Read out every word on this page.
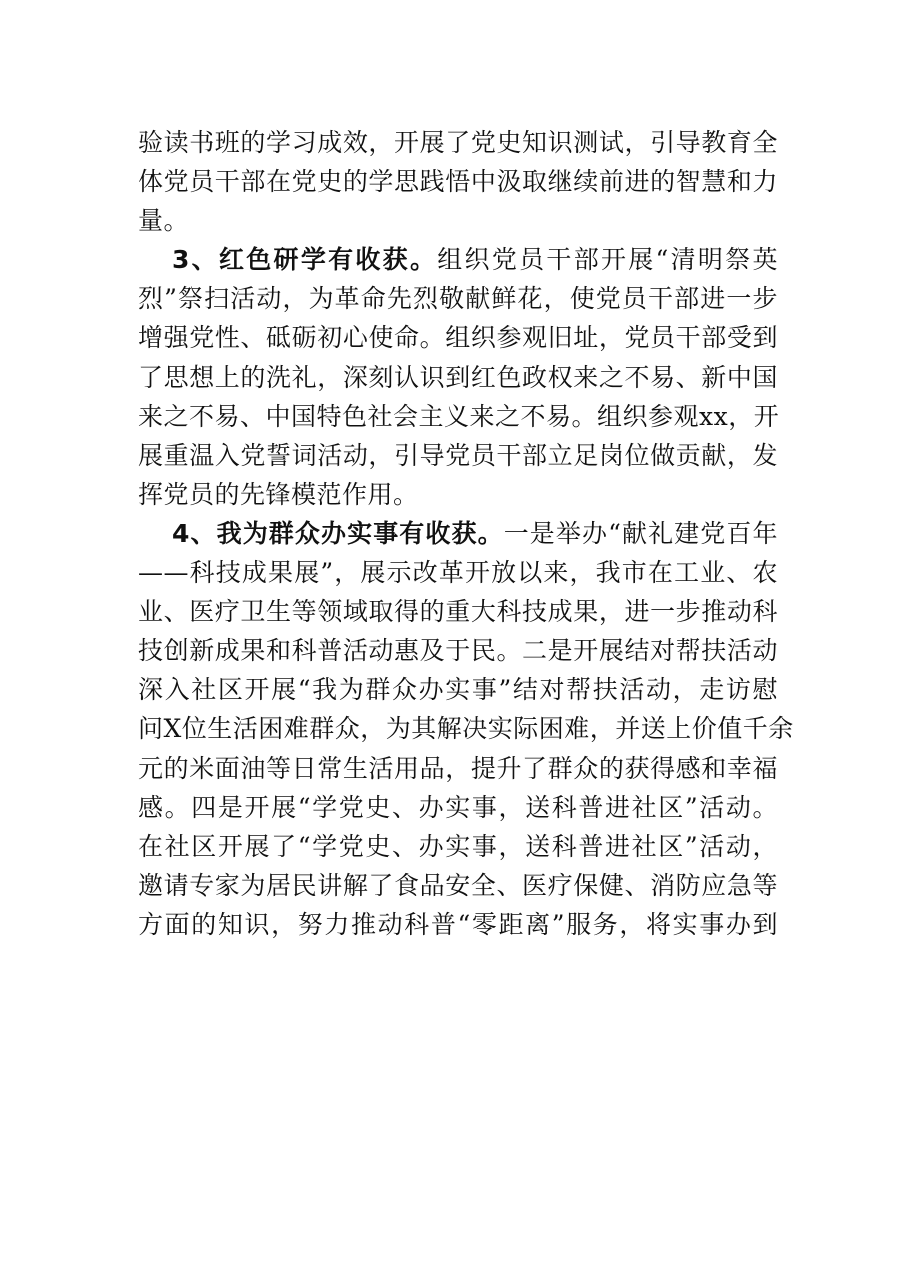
验读书班的学习成效，开展了党史知识测试，引导教育全
体党员干部在党史的学思践悟中汲取继续前进的智慧和力
量。
3、红色研学有收获。组织党员干部开展“清明祭英
烈”祭扫活动，为革命先烈敬献鲜花，使党员干部进一步
增强党性、砥砺初心使命。组织参观旧址，党员干部受到
了思想上的洗礼，深刻认识到红色政权来之不易、新中国
来之不易、中国特色社会主义来之不易。组织参观xx，开
展重温入党誓词活动，引导党员干部立足岗位做贡献，发
挥党员的先锋模范作用。
4、我为群众办实事有收获。一是举办“献礼建党百年
——科技成果展”，展示改革开放以来，我市在工业、农
业、医疗卫生等领域取得的重大科技成果，进一步推动科
技创新成果和科普活动惠及于民。二是开展结对帮扶活动
深入社区开展“我为群众办实事”结对帮扶活动，走访慰
问X位生活困难群众，为其解决实际困难，并送上价值千余
元的米面油等日常生活用品，提升了群众的获得感和幸福
感。四是开展“学党史、办实事，送科普进社区”活动。
在社区开展了“学党史、办实事，送科普进社区”活动，
邀请专家为居民讲解了食品安全、医疗保健、消防应急等
方面的知识，努力推动科普“零距离”服务，将实事办到
